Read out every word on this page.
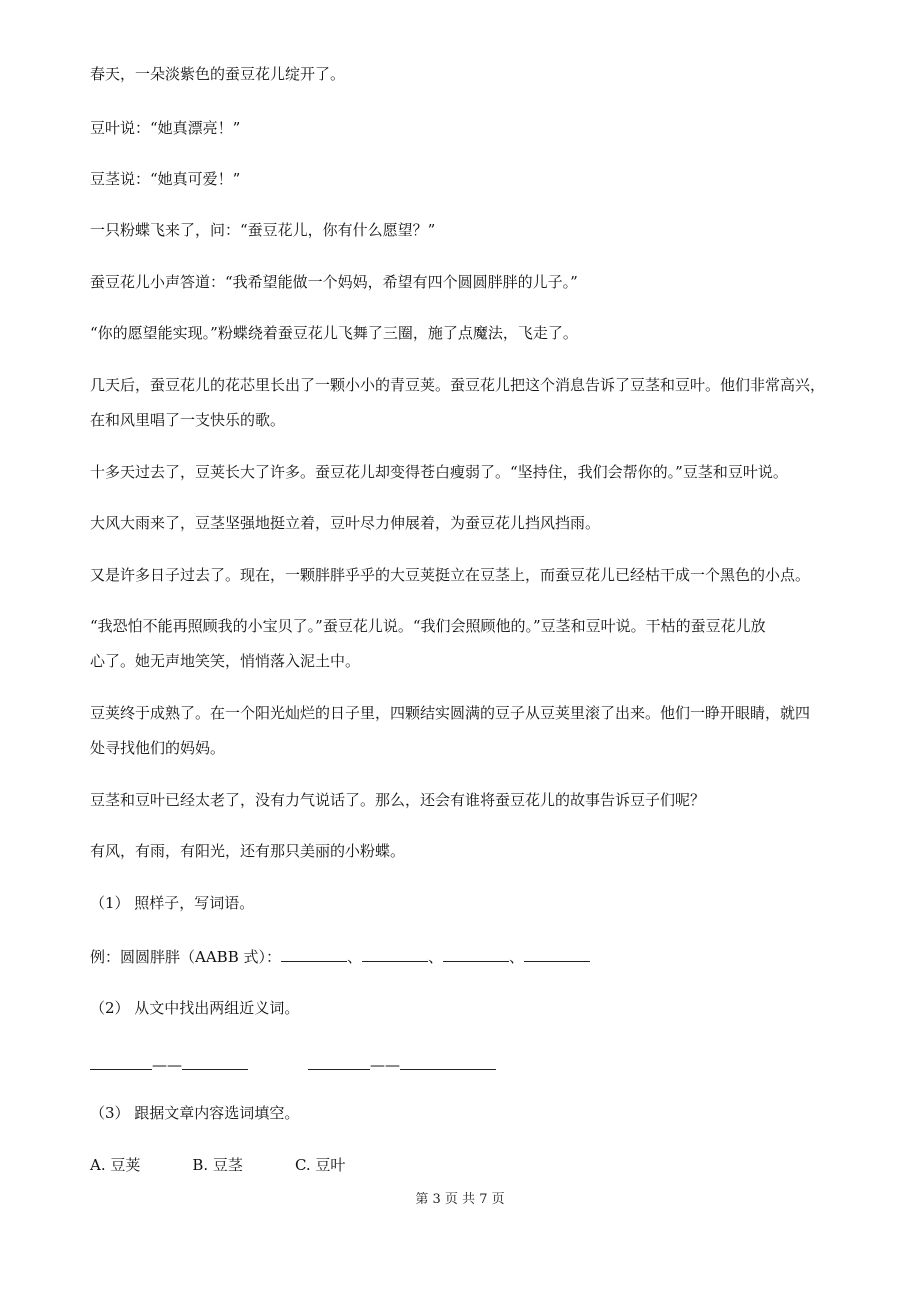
春天，一朵淡紫色的蚕豆花儿绽开了。

豆叶说：“她真漂亮！”

豆茎说：“她真可爱！”

一只粉蝶飞来了，问：“蚕豆花儿，你有什么愿望？”

蚕豆花儿小声答道：“我希望能做一个妈妈，希望有四个圆圆胖胖的儿子。”

“你的愿望能实现。”粉蝶绕着蚕豆花儿飞舞了三圈，施了点魔法，飞走了。

几天后，蚕豆花儿的花芯里长出了一颗小小的青豆荚。蚕豆花儿把这个消息告诉了豆茎和豆叶。他们非常高兴，

在和风里唱了一支快乐的歌。

十多天过去了，豆荚长大了许多。蚕豆花儿却变得苍白瘦弱了。“坚持住，我们会帮你的。”豆茎和豆叶说。

大风大雨来了，豆茎坚强地挺立着，豆叶尽力伸展着，为蚕豆花儿挡风挡雨。

又是许多日子过去了。现在，一颗胖胖乎乎的大豆荚挺立在豆茎上，而蚕豆花儿已经枯干成一个黑色的小点。

“我恐怕不能再照顾我的小宝贝了。”蚕豆花儿说。“我们会照顾他的。”豆茎和豆叶说。干枯的蚕豆花儿放

心了。她无声地笑笑，悄悄落入泥土中。

豆荚终于成熟了。在一个阳光灿烂的日子里，四颗结实圆满的豆子从豆荚里滚了出来。他们一睁开眼睛，就四

处寻找他们的妈妈。

豆茎和豆叶已经太老了，没有力气说话了。那么，还会有谁将蚕豆花儿的故事告诉豆子们呢？

有风，有雨，有阳光，还有那只美丽的小粉蝶。

（1） 照样子，写词语。

例：圆圆胖胖（AABB 式）：	、	、	、

（2） 从文中找出两组近义词。

——	——

（3） 跟据文章内容选词填空。

A. 豆荚	B. 豆茎	C. 豆叶

第 3 页 共 7 页
